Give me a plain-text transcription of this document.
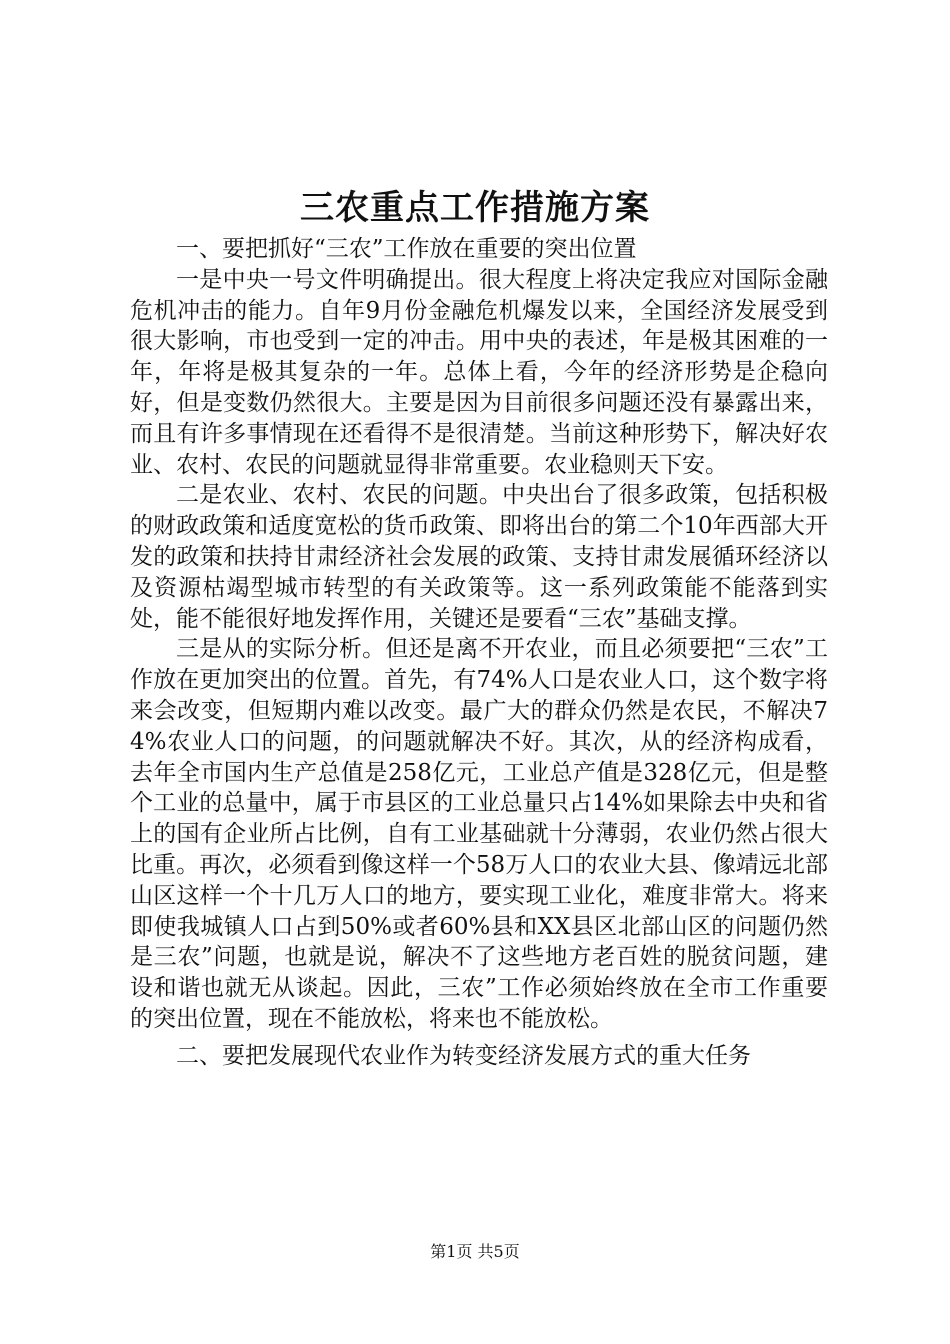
三农重点工作措施方案

一、要把抓好“三农”工作放在重要的突出位置

一是中央一号文件明确提出。很大程度上将决定我应对国际金融危机冲击的能力。自年9月份金融危机爆发以来，全国经济发展受到很大影响，市也受到一定的冲击。用中央的表述，年是极其困难的一年，年将是极其复杂的一年。总体上看，今年的经济形势是企稳向好，但是变数仍然很大。主要是因为目前很多问题还没有暴露出来，而且有许多事情现在还看得不是很清楚。当前这种形势下，解决好农业、农村、农民的问题就显得非常重要。农业稳则天下安。

二是农业、农村、农民的问题。中央出台了很多政策，包括积极的财政政策和适度宽松的货币政策、即将出台的第二个10年西部大开发的政策和扶持甘肃经济社会发展的政策、支持甘肃发展循环经济以及资源枯竭型城市转型的有关政策等。这一系列政策能不能落到实处，能不能很好地发挥作用，关键还是要看“三农”基础支撑。

三是从的实际分析。但还是离不开农业，而且必须要把“三农”工作放在更加突出的位置。首先，有74%人口是农业人口，这个数字将来会改变，但短期内难以改变。最广大的群众仍然是农民，不解决74%农业人口的问题，的问题就解决不好。其次，从的经济构成看，去年全市国内生产总值是258亿元，工业总产值是328亿元，但是整个工业的总量中，属于市县区的工业总量只占14%如果除去中央和省上的国有企业所占比例，自有工业基础就十分薄弱，农业仍然占很大比重。再次，必须看到像这样一个58万人口的农业大县、像靖远北部山区这样一个十几万人口的地方，要实现工业化，难度非常大。将来即使我城镇人口占到50%或者60%县和XX县区北部山区的问题仍然是三农”问题，也就是说，解决不了这些地方老百姓的脱贫问题，建设和谐也就无从谈起。因此，三农”工作必须始终放在全市工作重要的突出位置，现在不能放松，将来也不能放松。

二、要把发展现代农业作为转变经济发展方式的重大任务

第1页 共5页
